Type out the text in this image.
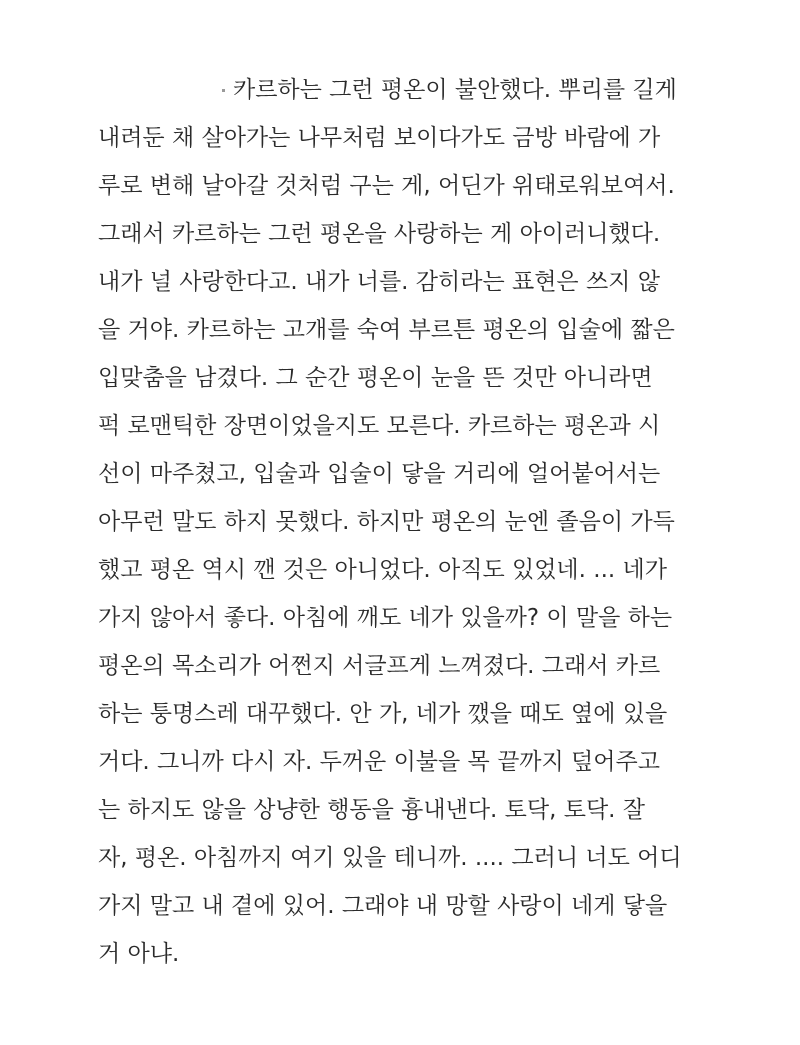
카르하는 그런 평온이 불안했다. 뿌리를 길게
내려둔 채 살아가는 나무처럼 보이다가도 금방 바람에 가
루로 변해 날아갈 것처럼 구는 게, 어딘가 위태로워보여서.
그래서 카르하는 그런 평온을 사랑하는 게 아이러니했다.
내가 널 사랑한다고. 내가 너를. 감히라는 표현은 쓰지 않
을 거야. 카르하는 고개를 숙여 부르튼 평온의 입술에 짧은
입맞춤을 남겼다. 그 순간 평온이 눈을 뜬 것만 아니라면
퍽 로맨틱한 장면이었을지도 모른다. 카르하는 평온과 시
선이 마주쳤고, 입술과 입술이 닿을 거리에 얼어붙어서는
아무런 말도 하지 못했다. 하지만 평온의 눈엔 졸음이 가득
했고 평온 역시 깬 것은 아니었다. 아직도 있었네. ... 네가
가지 않아서 좋다. 아침에 깨도 네가 있을까? 이 말을 하는
평온의 목소리가 어쩐지 서글프게 느껴졌다. 그래서 카르
하는 퉁명스레 대꾸했다. 안 가, 네가 깼을 때도 옆에 있을
거다. 그니까 다시 자. 두꺼운 이불을 목 끝까지 덮어주고
는 하지도 않을 상냥한 행동을 흉내낸다. 토닥, 토닥. 잘
자, 평온. 아침까지 여기 있을 테니까. .... 그러니 너도 어디
가지 말고 내 곁에 있어. 그래야 내 망할 사랑이 네게 닿을
거 아냐.
